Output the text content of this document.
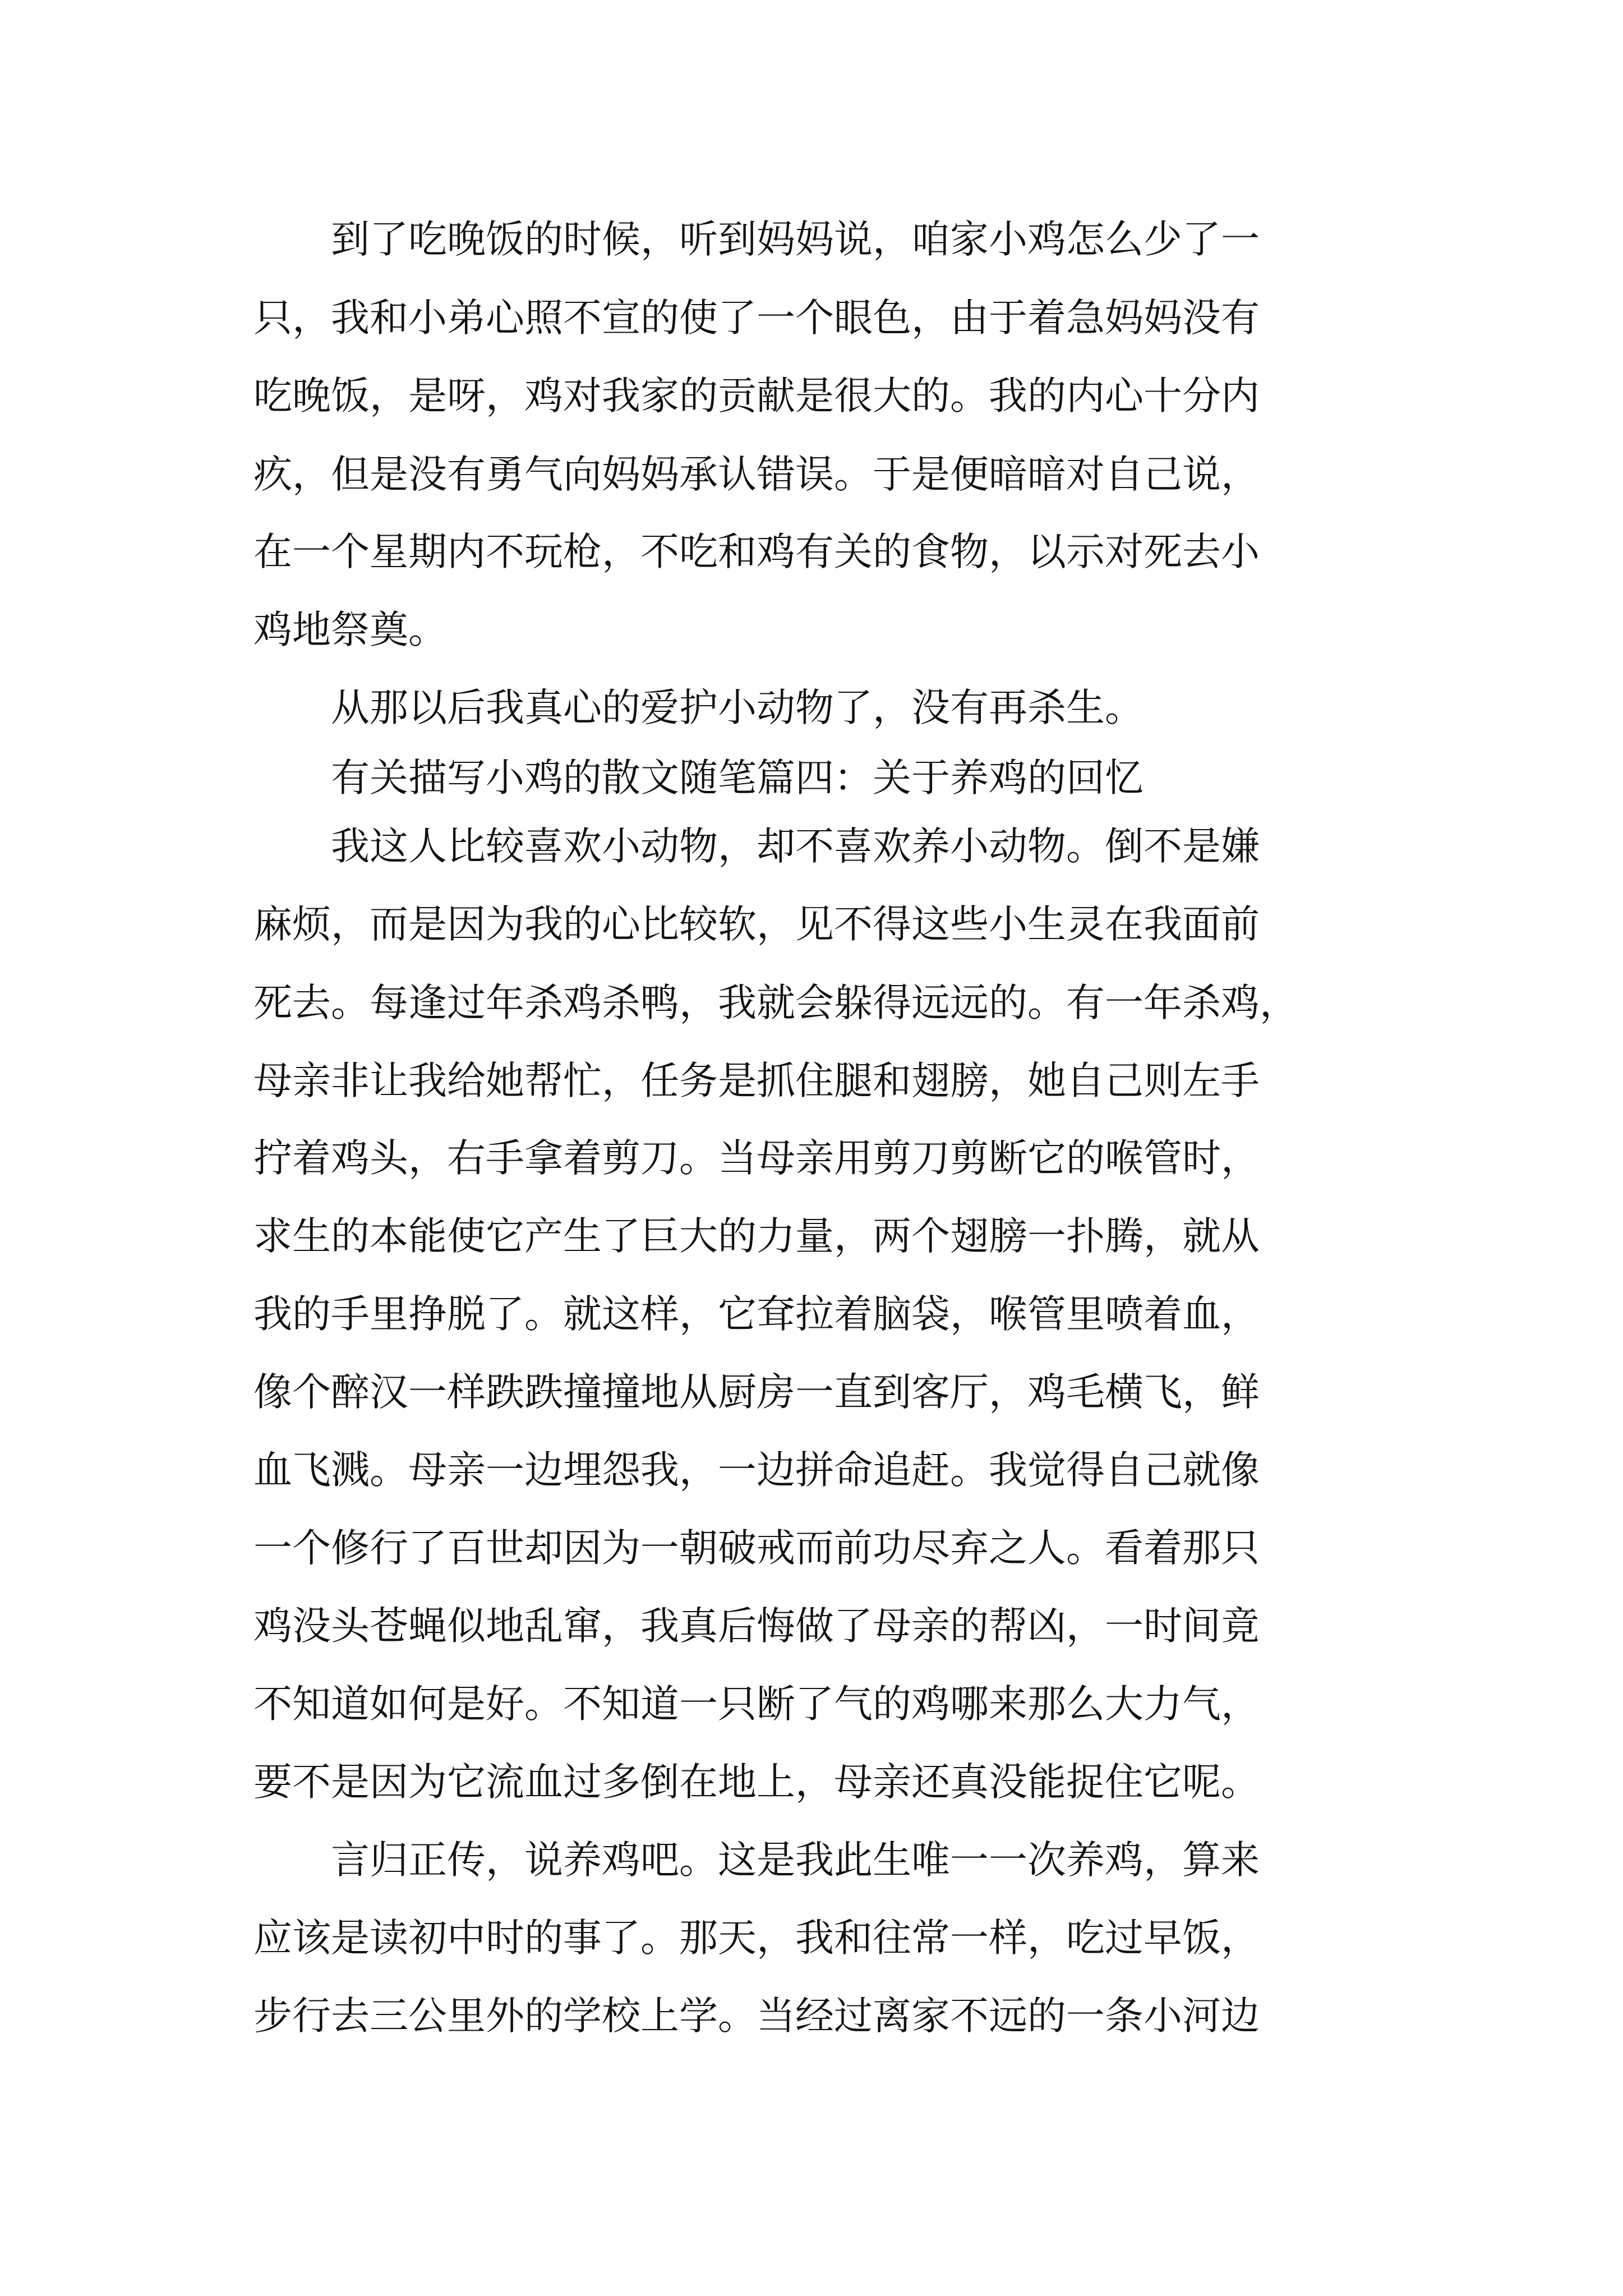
到了吃晚饭的时候，听到妈妈说，咱家小鸡怎么少了一
只，我和小弟心照不宣的使了一个眼色，由于着急妈妈没有
吃晚饭，是呀，鸡对我家的贡献是很大的。我的内心十分内
疚，但是没有勇气向妈妈承认错误。于是便暗暗对自己说，
在一个星期内不玩枪，不吃和鸡有关的食物，以示对死去小
鸡地祭奠。
从那以后我真心的爱护小动物了，没有再杀生。
有关描写小鸡的散文随笔篇四：关于养鸡的回忆
我这人比较喜欢小动物，却不喜欢养小动物。倒不是嫌
麻烦，而是因为我的心比较软，见不得这些小生灵在我面前
死去。每逢过年杀鸡杀鸭，我就会躲得远远的。有一年杀鸡，
母亲非让我给她帮忙，任务是抓住腿和翅膀，她自己则左手
拧着鸡头，右手拿着剪刀。当母亲用剪刀剪断它的喉管时，
求生的本能使它产生了巨大的力量，两个翅膀一扑腾，就从
我的手里挣脱了。就这样，它耷拉着脑袋，喉管里喷着血，
像个醉汉一样跌跌撞撞地从厨房一直到客厅，鸡毛横飞，鲜
血飞溅。母亲一边埋怨我，一边拼命追赶。我觉得自己就像
一个修行了百世却因为一朝破戒而前功尽弃之人。看着那只
鸡没头苍蝇似地乱窜，我真后悔做了母亲的帮凶，一时间竟
不知道如何是好。不知道一只断了气的鸡哪来那么大力气，
要不是因为它流血过多倒在地上，母亲还真没能捉住它呢。
言归正传，说养鸡吧。这是我此生唯一一次养鸡，算来
应该是读初中时的事了。那天，我和往常一样，吃过早饭，
步行去三公里外的学校上学。当经过离家不远的一条小河边
